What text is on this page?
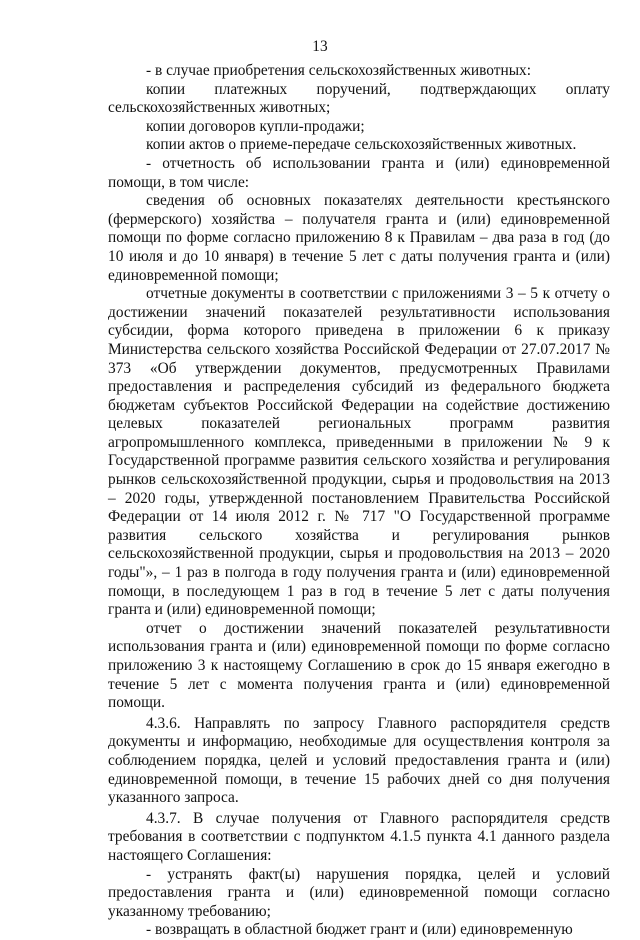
13

- в случае приобретения сельскохозяйственных животных:

копии платежных поручений, подтверждающих оплату сельскохозяйственных животных;

копии договоров купли-продажи;

копии актов о приеме-передаче сельскохозяйственных животных.

- отчетность об использовании гранта и (или) единовременной помощи, в том числе:

сведения об основных показателях деятельности крестьянского (фермерского) хозяйства – получателя гранта и (или) единовременной помощи по форме согласно приложению 8 к Правилам – два раза в год (до 10 июля и до 10 января) в течение 5 лет с даты получения гранта и (или) единовременной помощи;

отчетные документы в соответствии с приложениями 3 – 5 к отчету о достижении значений показателей результативности использования субсидии, форма которого приведена в приложении 6 к приказу Министерства сельского хозяйства Российской Федерации от 27.07.2017 № 373 «Об утверждении документов, предусмотренных Правилами предоставления и распределения субсидий из федерального бюджета бюджетам субъектов Российской Федерации на содействие достижению целевых показателей региональных программ развития агропромышленного комплекса, приведенными в приложении № 9 к Государственной программе развития сельского хозяйства и регулирования рынков сельскохозяйственной продукции, сырья и продовольствия на 2013 – 2020 годы, утвержденной постановлением Правительства Российской Федерации от 14 июля 2012 г. № 717 "О Государственной программе развития сельского хозяйства и регулирования рынков сельскохозяйственной продукции, сырья и продовольствия на 2013 – 2020 годы"», – 1 раз в полгода в году получения гранта и (или) единовременной помощи, в последующем 1 раз в год в течение 5 лет с даты получения гранта и (или) единовременной помощи;

отчет о достижении значений показателей результативности использования гранта и (или) единовременной помощи по форме согласно приложению 3 к настоящему Соглашению в срок до 15 января ежегодно в течение 5 лет с момента получения гранта и (или) единовременной помощи.

4.3.6. Направлять по запросу Главного распорядителя средств документы и информацию, необходимые для осуществления контроля за соблюдением порядка, целей и условий предоставления гранта и (или) единовременной помощи, в течение 15 рабочих дней со дня получения указанного запроса.

4.3.7. В случае получения от Главного распорядителя средств требования в соответствии с подпунктом 4.1.5 пункта 4.1 данного раздела настоящего Соглашения:

- устранять факт(ы) нарушения порядка, целей и условий предоставления гранта и (или) единовременной помощи согласно указанному требованию;

- возвращать в областной бюджет грант и (или) единовременную
